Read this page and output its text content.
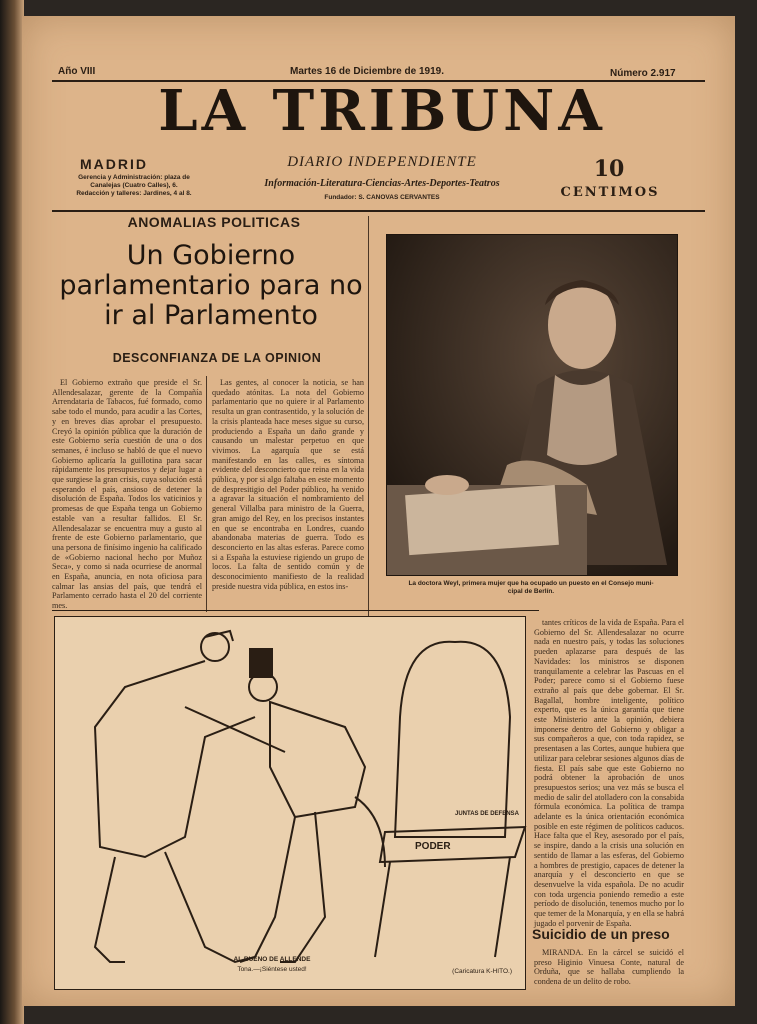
Año VIII	Martes 16 de Diciembre de 1919.	Número 2.917
LA TRIBUNA
MADRID
Gerencia y Administración: plaza de
Canalejas (Cuatro Calles), 6.
Redacción y talleres: Jardines, 4 al 8.
DIARIO INDEPENDIENTE
Información-Literatura-Ciencias-Artes-Deportes-Teatros
Fundador: S. CANOVAS CERVANTES
10
CENTIMOS
ANOMALIAS POLITICAS
Un Gobierno parlamentario para no ir al Parlamento
DESCONFIANZA DE LA OPINION

El Gobierno extraño que preside el Sr. Allendesalazar, gerente de la Compañía Arrendataria de Tabacos, fué formado, como sabe todo el mundo, para acudir a las Cortes, y en breves días aprobar el presupuesto. Creyó la opinión pública que la duración de este Gobierno sería cuestión de una o dos semanes, é incluso se habló de que el nuevo Gobierno aplicaría la guillotina para sacar rápidamente los presupuestos y dejar lugar a que surgiese la gran crisis, cuya solución está esperando el país, ansioso de detener la disolución de España. Todos los vaticinios y promesas de que España tenga un Gobierno estable van a resultar fallidos. El Sr. Allendesalazar se encuentra muy a gusto al frente de este Gobierno parlamentario, que una persona de finísimo ingenio ha calificado de «Gobierno nacional hecho por Muñoz Seca», y como si nada ocurriese de anormal en España, anuncia, en nota oficiosa para calmar las ansias del país, que tendrá el Parlamento cerrado hasta el 20 del corriente mes.

Las gentes, al conocer la noticia, se han quedado atónitas. La nota del Gobierno parlamentario que no quiere ir al Parlamento resulta un gran contrasentido, y la solución de la crisis planteada hace meses sigue su curso, produciendo a España un daño grande y causando un malestar perpetuo en que vivimos. La agarquía que se está manifestando en las calles, es síntoma evidente del desconcierto que reina en la vida pública, y por si algo faltaba en este momento de despresitigio del Poder público, ha venido a agravar la situación el nombramiento del general Villalba para ministro de la Guerra, gran amigo del Rey, en los precisos instantes en que se encontraba en Londres, cuando abandonaba materias de guerra. Todo es desconcierto en las altas esferas. Parece como si a España la estuviese rigiendo un grupo de locos. La falta de sentido común y de desconocimiento manifiesto de la realidad preside nuestra vida pública, en estos ins-	La doctora Weyl, primera mujer que ha ocupado un puesto en el Consejo muni-
cipal de Berlín.

tantes críticos de la vida de España. Para el Gobierno del Sr. Allendesalazar no ocurre nada en nuestro país, y todas las soluciones pueden aplazarse para después de las Navidades: los ministros se disponen tranquilamente a celebrar las Pascuas en el Poder; parece como si el Gobierno fuese extraño al país que debe gobernar. El Sr. Bagallal, hombre inteligente, político experto, que es la única garantía que tiene este Ministerio ante la opinión, debiera imponerse dentro del Gobierno y obligar a sus compañeros a que, con toda rapidez, se presentasen a las Cortes, aunque hubiera que utilizar para celebrar sesiones algunos días de fiesta. El país sabe que este Gobierno no podrá obtener la aprobación de unos presupuestos serios; una vez más se busca el medio de salir del atolladero con la consabida fórmula económica. La política de trampa adelante es la única orientación económica posible en este régimen de políticos caducos. Hace falta que el Rey, asesorado por el país, se inspire, dando a la crisis una solución en sentido de llamar a las esferas, del Gobierno a hombres de prestigio, capaces de detener la anarquía y el desconcierto en que se desenvuelve la vida española. De no acudir con toda urgencia poniendo remedio a este período de disolución, tenemos mucho por lo que temer de la Monarquía, y en ella se habrá jugado el porvenir de España.

Suicidio de un preso

MIRANDA. En la cárcel se suicidó el preso Higinio Vinuesa Conte, natural de Orduña, que se hallaba cumpliendo la condena de un delito de robo.

PODER
JUNTAS DE DEFENSA
AL BUENO DE ALLENDE
Tona.—¡Siéntese usted!	(Caricatura K-HITO.)
